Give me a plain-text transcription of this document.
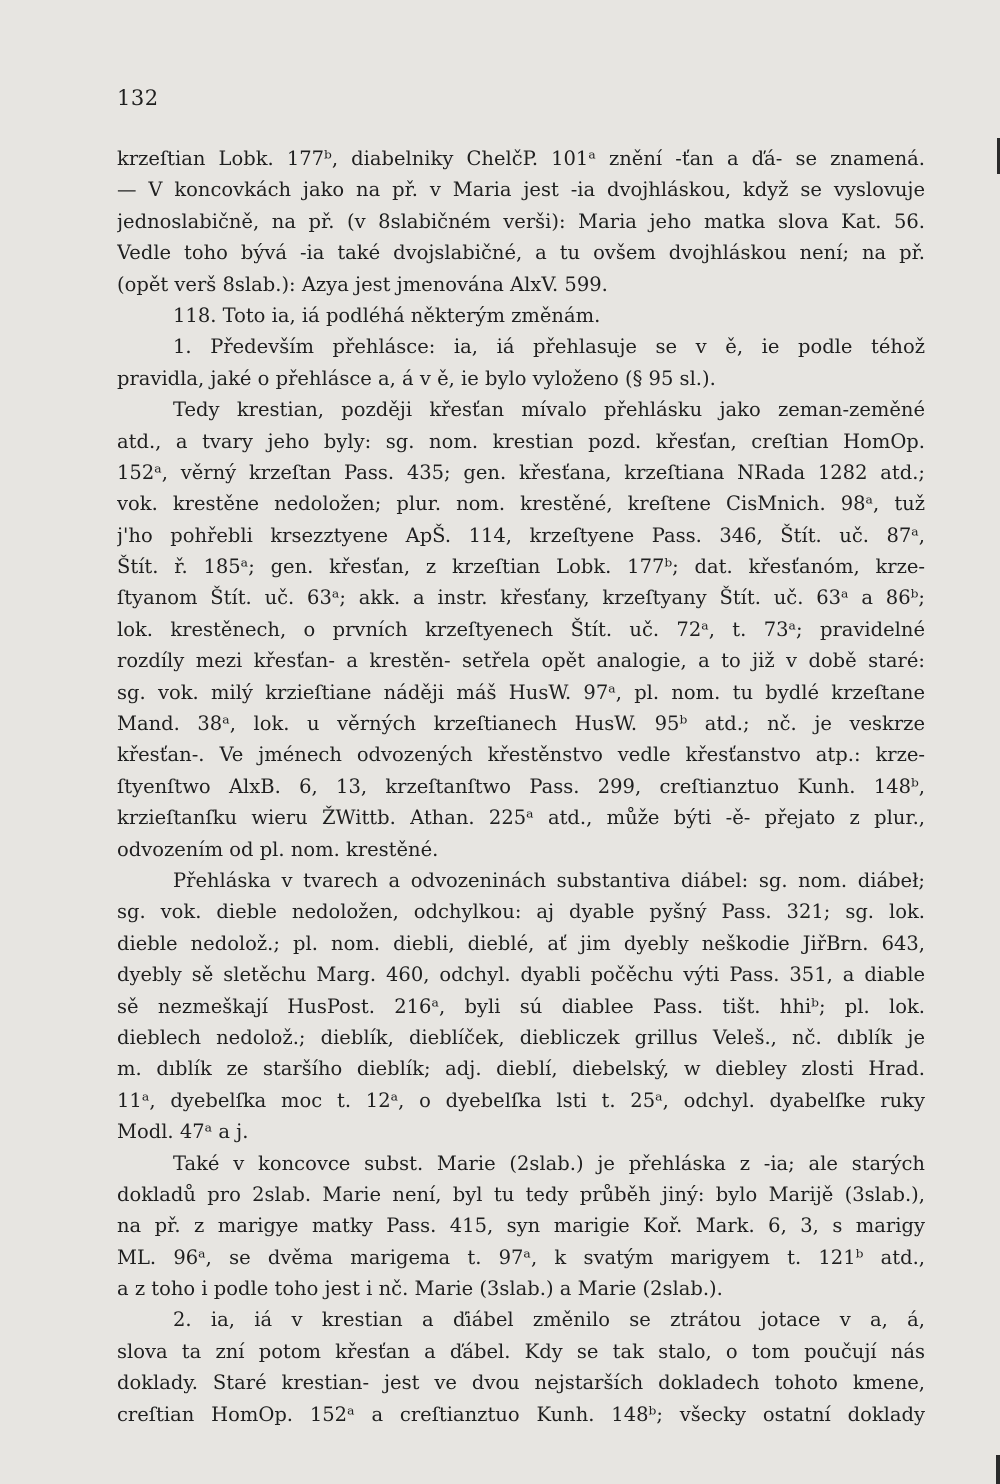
132
krzeſtian Lobk. 177ᵇ, diabelniky ChelčP. 101ᵃ znění -ťan a ďá- se znamená.
— V koncovkách jako na př. v Maria jest -ia dvojhláskou, když se vyslovuje
jednoslabičně, na př. (v 8slabičném verši): Maria jeho matka slova Kat. 56.
Vedle toho bývá -ia také dvojslabičné, a tu ovšem dvojhláskou není; na př.
(opět verš 8slab.): Azya jest jmenována AlxV. 599.
118. Toto ia, iá podléhá některým změnám.
1. Především přehlásce: ia, iá přehlasuje se v ě, ie podle téhož
pravidla, jaké o přehlásce a, á v ě, ie bylo vyloženo (§ 95 sl.).
Tedy krestian, později křesťan mívalo přehlásku jako zeman-zeměné
atd., a tvary jeho byly: sg. nom. krestian pozd. křesťan, creſtian HomOp.
152ᵃ, věrný krzeſtan Pass. 435; gen. křesťana, krzeſtiana NRada 1282 atd.;
vok. krestěne nedoložen; plur. nom. krestěné, kreſtene CisMnich. 98ᵃ, tuž
j'ho pohřebli krsezztyene ApŠ. 114, krzeſtyene Pass. 346, Štít. uč. 87ᵃ,
Štít. ř. 185ᵃ; gen. křesťan, z krzeſtian Lobk. 177ᵇ; dat. křesťanóm, krze-
ſtyanom Štít. uč. 63ᵃ; akk. a instr. křesťany, krzeſtyany Štít. uč. 63ᵃ a 86ᵇ;
lok. krestěnech, o prvních krzeſtyenech Štít. uč. 72ᵃ, t. 73ᵃ; pravidelné
rozdíly mezi křesťan- a krestěn- setřela opět analogie, a to již v době staré:
sg. vok. milý krzieſtiane náději máš HusW. 97ᵃ, pl. nom. tu bydlé krzeſtane
Mand. 38ᵃ, lok. u věrných krzeſtianech HusW. 95ᵇ atd.; nč. je veskrze
křesťan-. Ve jménech odvozených křestěnstvo vedle křesťanstvo atp.: krze-
ſtyenſtwo AlxB. 6, 13, krzeſtanſtwo Pass. 299, creſtianztuo Kunh. 148ᵇ,
krzieſtanſku wieru ŽWittb. Athan. 225ᵃ atd., může býti -ě- přejato z plur.,
odvozením od pl. nom. krestěné.
Přehláska v tvarech a odvozeninách substantiva diábel: sg. nom. diábeł;
sg. vok. dieble nedoložen, odchylkou: aj dyable pyšný Pass. 321; sg. lok.
dieble nedolož.; pl. nom. diebli, dieblé, ať jim dyebly neškodie JiřBrn. 643,
dyebly sě sletěchu Marg. 460, odchyl. dyabli počěchu výti Pass. 351, a diable
sě nezmeškají HusPost. 216ᵃ, byli sú diablee Pass. tišt. hhiᵇ; pl. lok.
dieblech nedolož.; dieblík, dieblíček, diebliczek grillus Veleš., nč. dıblík je
m. dıblík ze staršího dieblík; adj. dieblí, diebelský, w diebley zlosti Hrad.
11ᵃ, dyebelſka moc t. 12ᵃ, o dyebelſka lsti t. 25ᵃ, odchyl. dyabelſke ruky
Modl. 47ᵃ a j.
Také v koncovce subst. Marie (2slab.) je přehláska z -ia; ale starých
dokladů pro 2slab. Marie není, byl tu tedy průběh jiný: bylo Marijě (3slab.),
na př. z marigye matky Pass. 415, syn marigie Koř. Mark. 6, 3, s marigy
ML. 96ᵃ, se dvěma marigema t. 97ᵃ, k svatým marigyem t. 121ᵇ atd.,
a z toho i podle toho jest i nč. Marie (3slab.) a Marie (2slab.).
2. ia, iá v krestian a ďiábel změnilo se ztrátou jotace v a, á,
slova ta zní potom křesťan a ďábel. Kdy se tak stalo, o tom poučují nás
doklady. Staré krestian- jest ve dvou nejstarších dokladech tohoto kmene,
creſtian HomOp. 152ᵃ a creſtianztuo Kunh. 148ᵇ; všecky ostatní doklady
